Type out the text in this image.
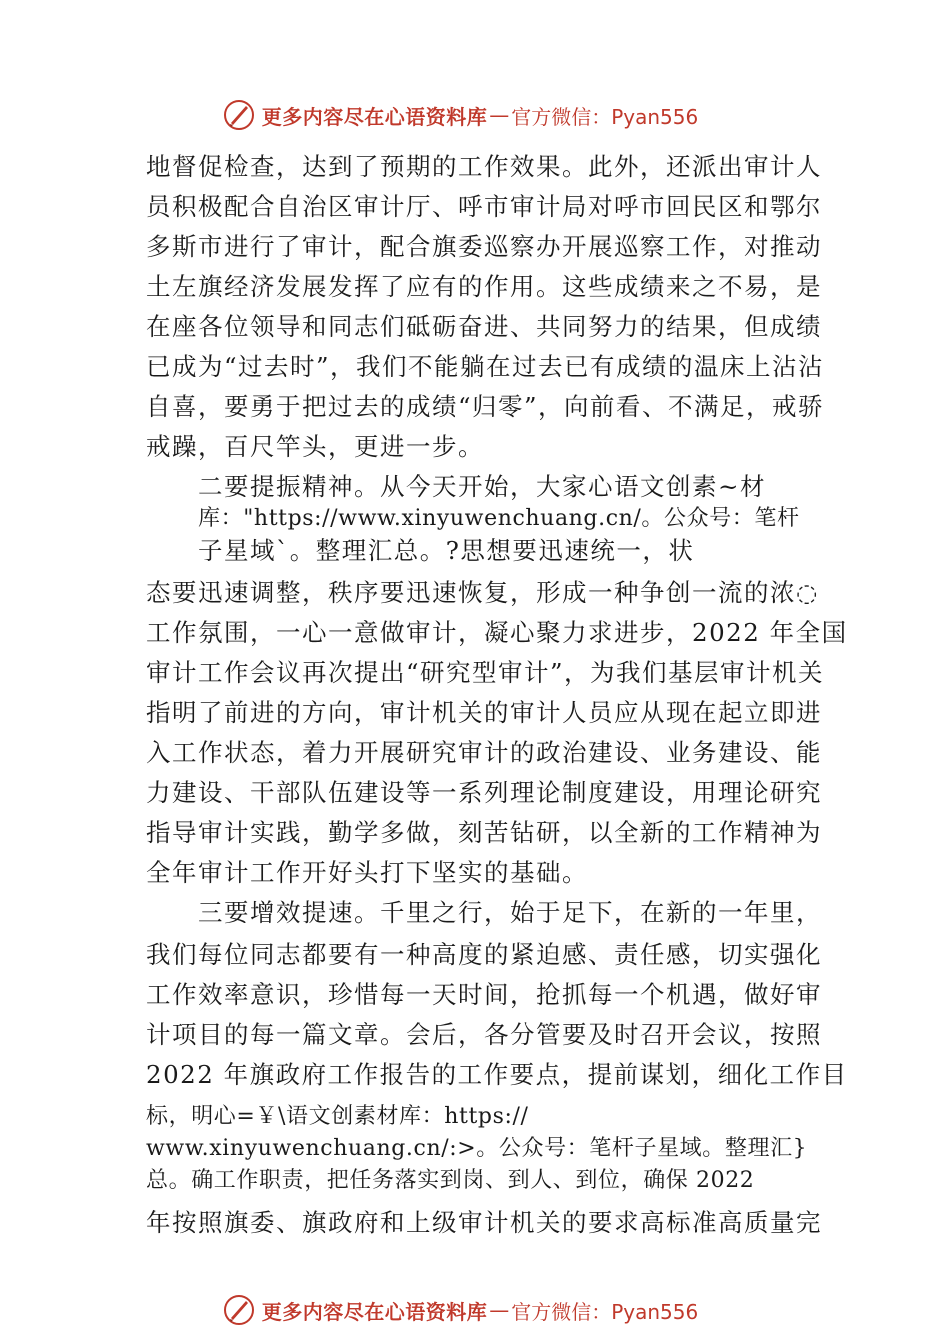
更多内容尽在心语资料库 — 官方微信：Pyan556
地督促检查，达到了预期的工作效果。此外，还派出审计人
员积极配合自治区审计厅、呼市审计局对呼市回民区和鄂尔
多斯市进行了审计，配合旗委巡察办开展巡察工作，对推动
土左旗经济发展发挥了应有的作用。这些成绩来之不易，是
在座各位领导和同志们砥砺奋进、共同努力的结果，但成绩
已成为“过去时”，我们不能躺在过去已有成绩的温床上沾沾
自喜，要勇于把过去的成绩“归零”，向前看、不满足，戒骄
戒躁，百尺竿头，更进一步。
二要提振精神。从今天开始，大家心语文创素~材
库："https://www.xinyuwenchuang.cn/。公众号：笔杆
子星域`。整理汇总。?思想要迅速统一，状
态要迅速调整，秩序要迅速恢复，形成一种争创一流的浓◌
工作氛围，一心一意做审计，凝心聚力求进步，2022 年全国
审计工作会议再次提出“研究型审计”，为我们基层审计机关
指明了前进的方向，审计机关的审计人员应从现在起立即进
入工作状态，着力开展研究审计的政治建设、业务建设、能
力建设、干部队伍建设等一系列理论制度建设，用理论研究
指导审计实践，勤学多做，刻苦钻研，以全新的工作精神为
全年审计工作开好头打下坚实的基础。
三要增效提速。千里之行，始于足下，在新的一年里，
我们每位同志都要有一种高度的紧迫感、责任感，切实强化
工作效率意识，珍惜每一天时间，抢抓每一个机遇，做好审
计项目的每一篇文章。会后，各分管要及时召开会议，按照
2022 年旗政府工作报告的工作要点，提前谋划，细化工作目
标，明心=￥\语文创素材库：https://
www.xinyuwenchuang.cn/:>。公众号：笔杆子星域。整理汇}
总。确工作职责，把任务落实到岗、到人、到位，确保 2022
年按照旗委、旗政府和上级审计机关的要求高标准高质量完
更多内容尽在心语资料库 — 官方微信：Pyan556
